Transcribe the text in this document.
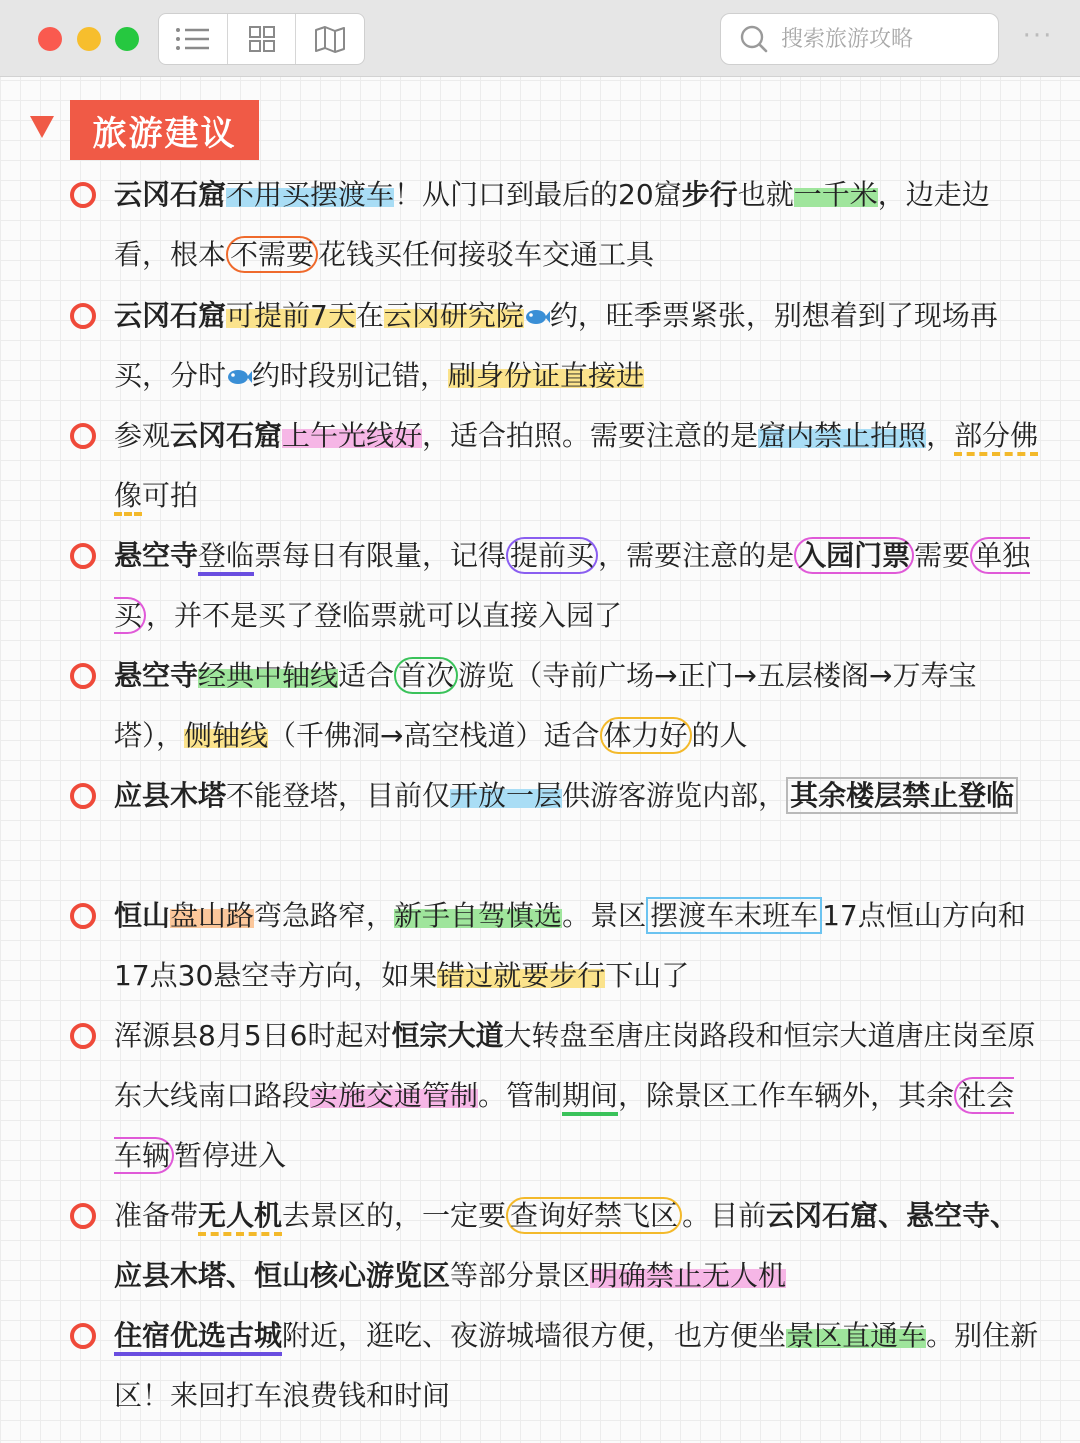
搜索旅游攻略
···
旅游建议
云冈石窟不用买摆渡车！从门口到最后的20窟步行也就一千米，边走边看，根本 不需要 花钱买任何接驳车交通工具
云冈石窟可提前7天在云冈研究院 约，旺季票紧张，别想着到了现场再买，分时 约时段别记错，刷身份证直接进
参观云冈石窟上午光线好，适合拍照。需要注意的是窟内禁止拍照，部分佛像可拍
悬空寺登临票每日有限量，记得 提前买 ，需要注意的是 入园门票 需要 单独买 ，并不是买了登临票就可以直接入园了
悬空寺经典中轴线适合 首次 游览（寺前广场→正门→五层楼阁→万寿宝塔），侧轴线（千佛洞→高空栈道）适合 体力好 的人
应县木塔不能登塔，目前仅开放一层供游客游览内部， 其余楼层禁止登临
恒山盘山路弯急路窄，新手自驾慎选。景区 摆渡车末班车 17点恒山方向和17点30悬空寺方向，如果错过就要步行下山了
浑源县8月5日6时起对恒宗大道大转盘至唐庄岗路段和恒宗大道唐庄岗至原东大线南口路段实施交通管制。管制期间，除景区工作车辆外，其余 社会车辆 暂停进入
准备带无人机去景区的，一定要 查询好禁飞区 。目前云冈石窟、悬空寺、应县木塔、恒山核心游览区等部分景区明确禁止无人机
住宿优选古城附近，逛吃、夜游城墙很方便，也方便坐景区直通车。别住新区！来回打车浪费钱和时间
